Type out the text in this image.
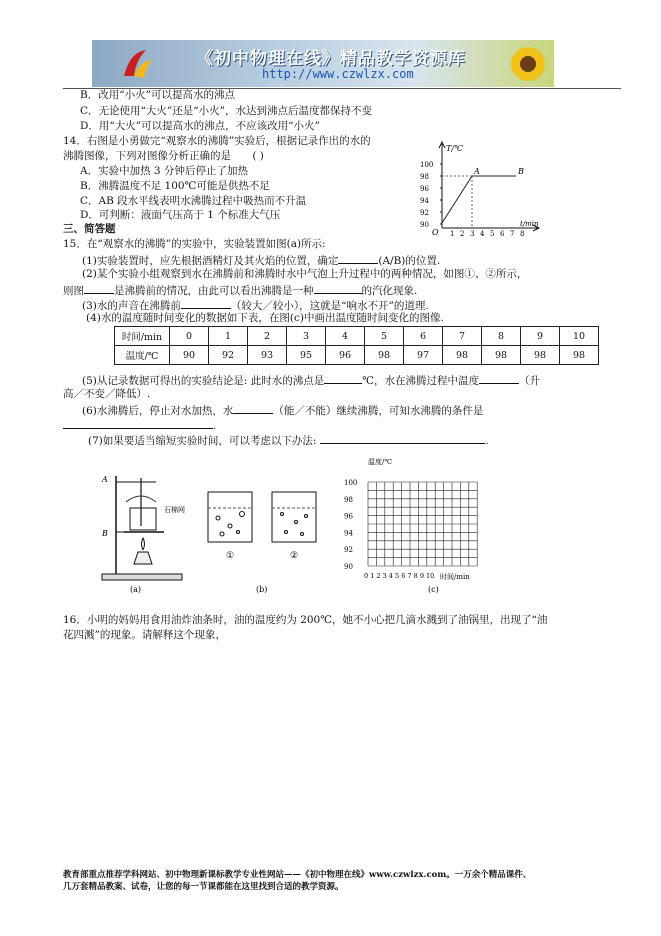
《初中物理在线》精品教学资源库
http://www.czwlzx.com
B．改用“小火”可以提高水的沸点
C．无论使用“大火”还是“小火”，水达到沸点后温度都保持不变
D．用“大火”可以提高水的沸点，不应该改用“小火”
14．右图是小勇做完“观察水的沸腾”实验后，根据记录作出的水的
沸腾图像，下列对图像分析正确的是 ( )
A．实验中加热 3 分钟后停止了加热
B．沸腾温度不足 100℃可能是供热不足
C．AB 段水平线表明水沸腾过程中吸热而不升温
D．可判断：液面气压高于 1 个标准大气压
T/℃
t/min
O
100
98
96
94
92
90
1 2 3 4 5 6 7 8
A	B
三、简答题
15．在“观察水的沸腾”的实验中，实验装置如图(a)所示:
(1)实验装置时，应先根据酒精灯及其火焰的位置，确定	(A/B)的位置.
(2)某个实验小组观察到水在沸腾前和沸腾时水中气泡上升过程中的两种情况，如图①、②所示，
则图	是沸腾前的情况，由此可以看出沸腾是一种	的汽化现象.
(3)水的声音在沸腾前	（较大／较小），这就是“响水不开”的道理.
(4)水的温度随时间变化的数据如下表，在图(c)中画出温度随时间变化的图像.
时间/min	0	1	2	3	4	5	6	7	8	9	10
温度/℃	90	92	93	95	96	98	97	98	98	98	98
(5)从记录数据可得出的实验结论是: 此时水的沸点是	℃，水在沸腾过程中温度	（升
高／不变／降低）.
(6)水沸腾后，停止对水加热，水	（能／不能）继续沸腾，可知水沸腾的条件是
.
(7)如果要适当缩短实验时间，可以考虑以下办法:	.
A
B
石棉网
(a)
①	②
(b)
温度/℃
100
98
96
94
92
90
0 1 2 3 4 5 6 7 8 9 10 时间/min
(c)
16．小明的妈妈用食用油炸油条时，油的温度约为 200℃，她不小心把几滴水溅到了油锅里，出现了“油
花四溅”的现象。请解释这个现象，
教育部重点推荐学科网站、初中物理新课标教学专业性网站——《初中物理在线》www.czwlzx.com。一万余个精品课件、
几万套精品教案、试卷，让您的每一节课都能在这里找到合适的教学资源。
